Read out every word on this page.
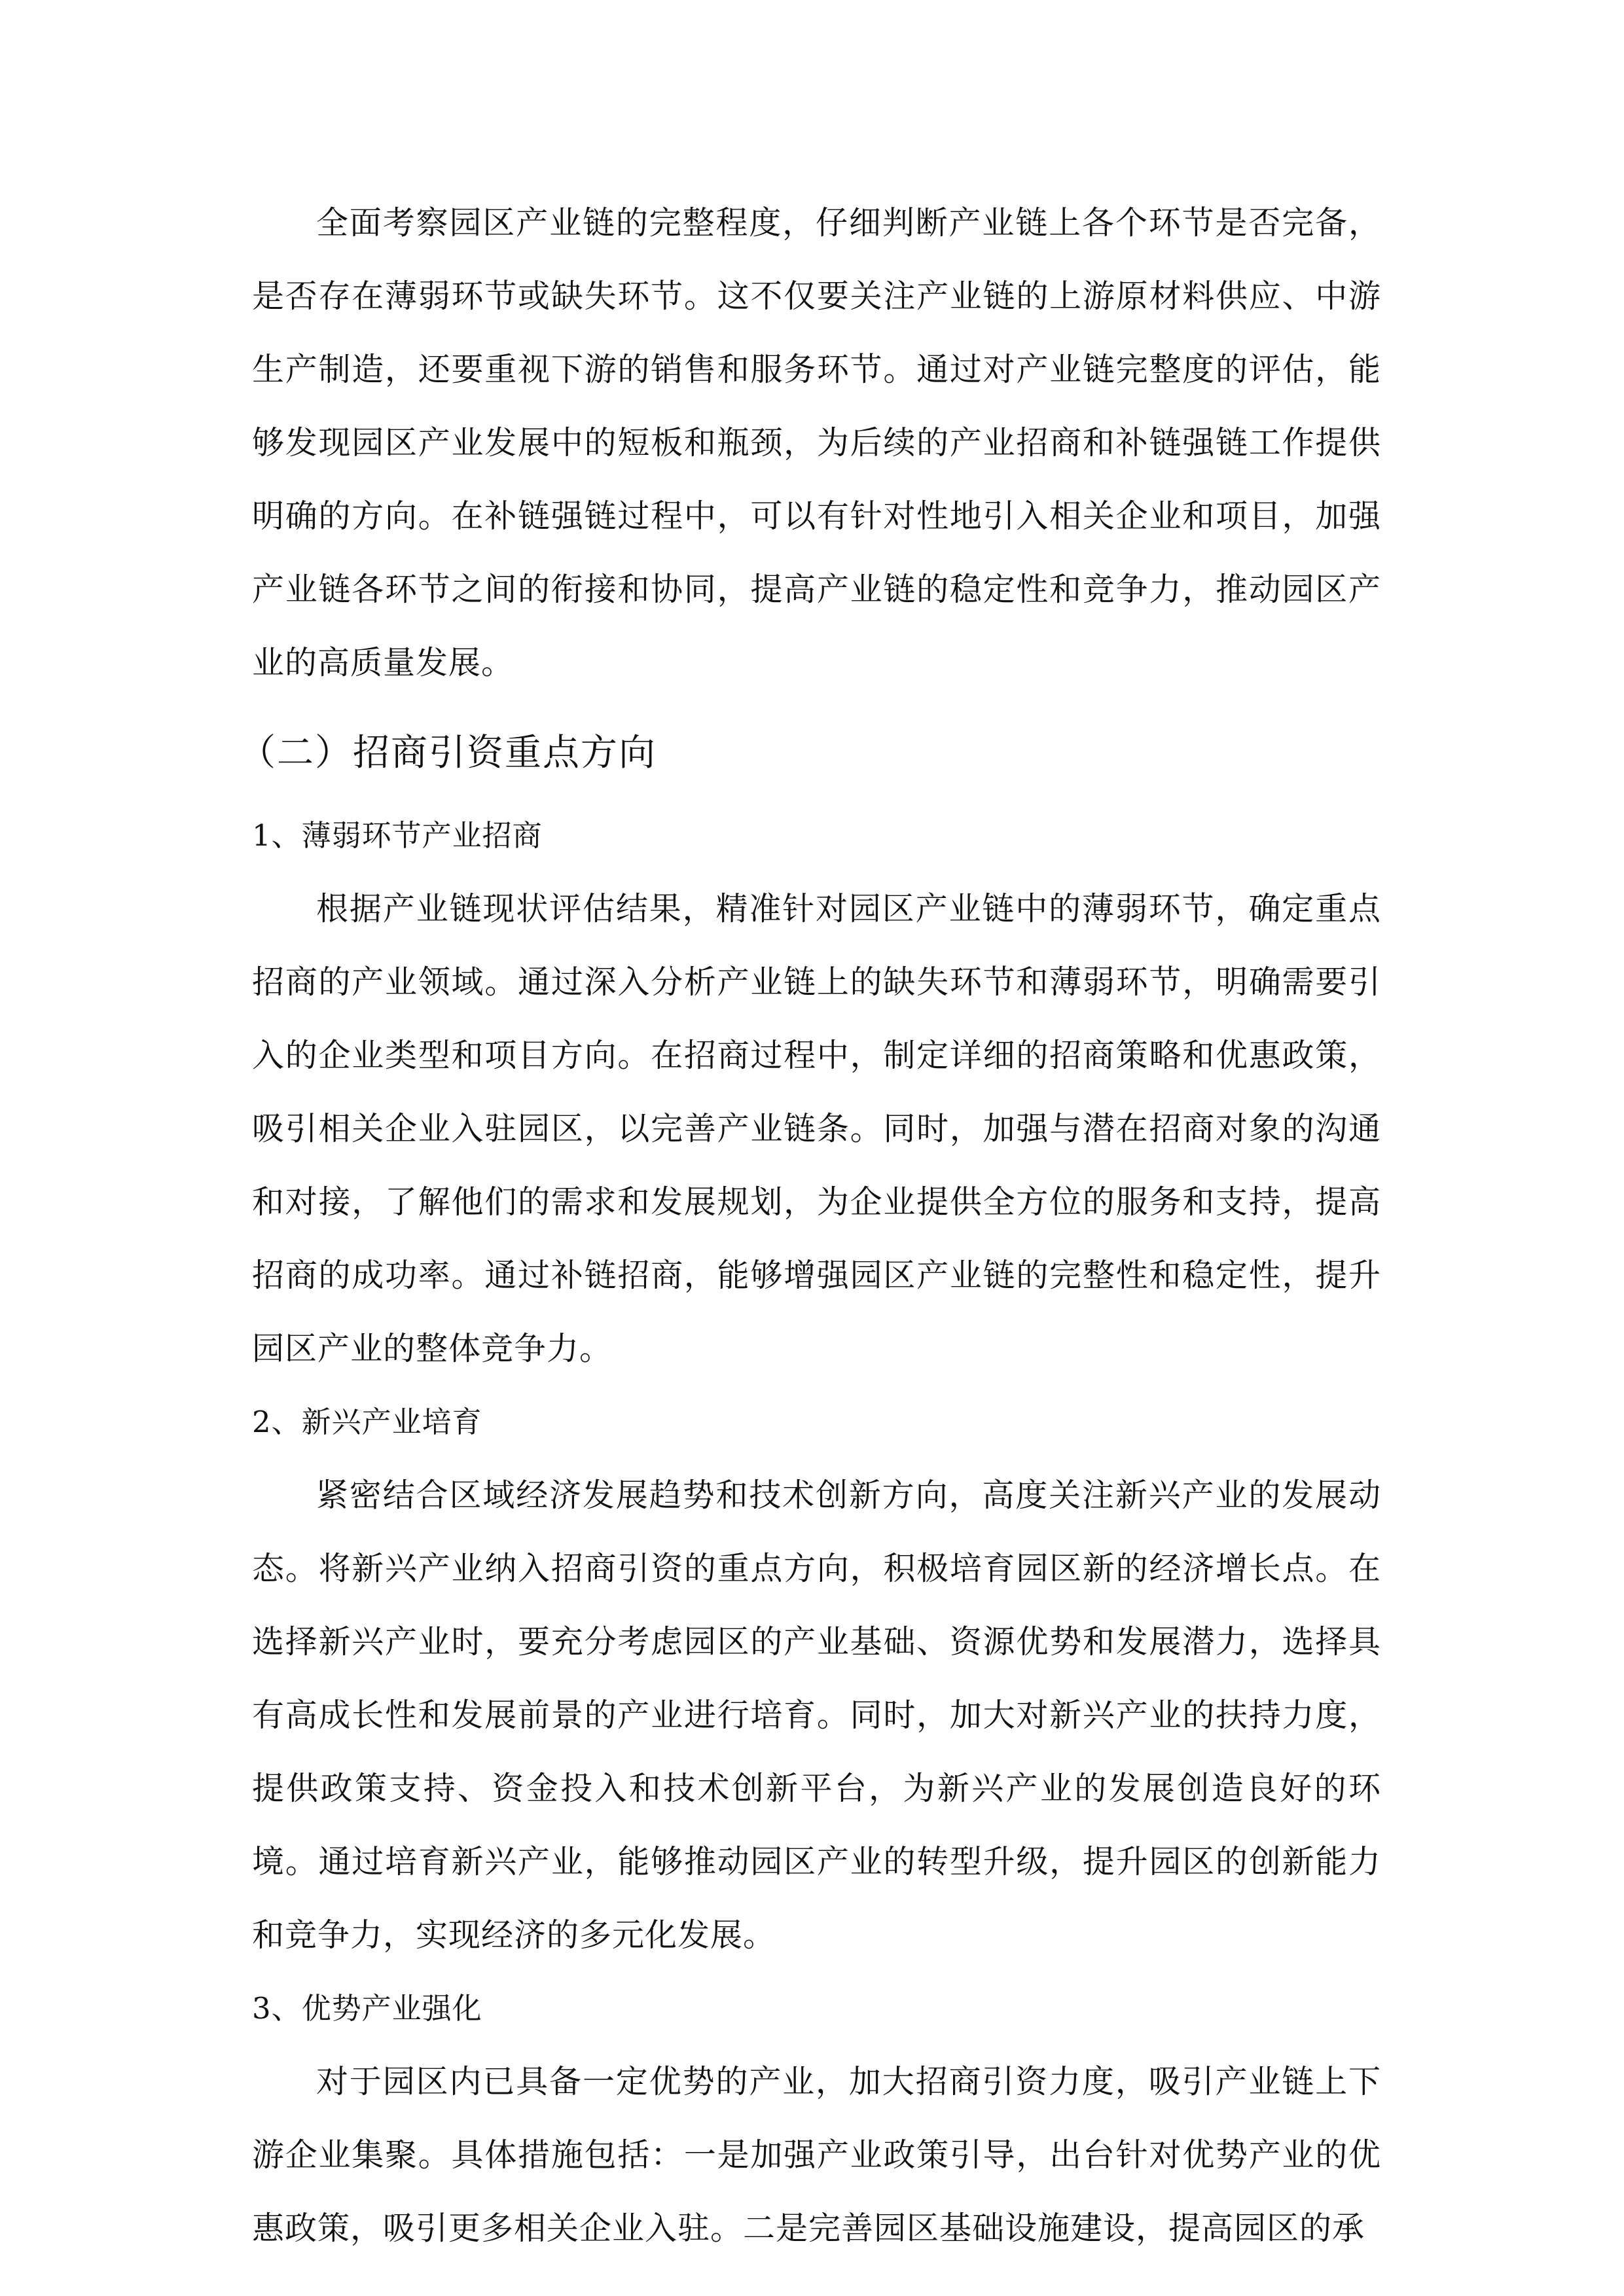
全面考察园区产业链的完整程度，仔细判断产业链上各个环节是否完备，是否存在薄弱环节或缺失环节。这不仅要关注产业链的上游原材料供应、中游生产制造，还要重视下游的销售和服务环节。通过对产业链完整度的评估，能够发现园区产业发展中的短板和瓶颈，为后续的产业招商和补链强链工作提供明确的方向。在补链强链过程中，可以有针对性地引入相关企业和项目，加强产业链各环节之间的衔接和协同，提高产业链的稳定性和竞争力，推动园区产业的高质量发展。

（二）招商引资重点方向
1、薄弱环节产业招商

根据产业链现状评估结果，精准针对园区产业链中的薄弱环节，确定重点招商的产业领域。通过深入分析产业链上的缺失环节和薄弱环节，明确需要引入的企业类型和项目方向。在招商过程中，制定详细的招商策略和优惠政策，吸引相关企业入驻园区，以完善产业链条。同时，加强与潜在招商对象的沟通和对接，了解他们的需求和发展规划，为企业提供全方位的服务和支持，提高招商的成功率。通过补链招商，能够增强园区产业链的完整性和稳定性，提升园区产业的整体竞争力。

2、新兴产业培育

紧密结合区域经济发展趋势和技术创新方向，高度关注新兴产业的发展动态。将新兴产业纳入招商引资的重点方向，积极培育园区新的经济增长点。在选择新兴产业时，要充分考虑园区的产业基础、资源优势和发展潜力，选择具有高成长性和发展前景的产业进行培育。同时，加大对新兴产业的扶持力度，提供政策支持、资金投入和技术创新平台，为新兴产业的发展创造良好的环境。通过培育新兴产业，能够推动园区产业的转型升级，提升园区的创新能力和竞争力，实现经济的多元化发展。

3、优势产业强化

对于园区内已具备一定优势的产业，加大招商引资力度，吸引产业链上下游企业集聚。具体措施包括：一是加强产业政策引导，出台针对优势产业的优惠政策，吸引更多相关企业入驻。二是完善园区基础设施建设，提高园区的承
